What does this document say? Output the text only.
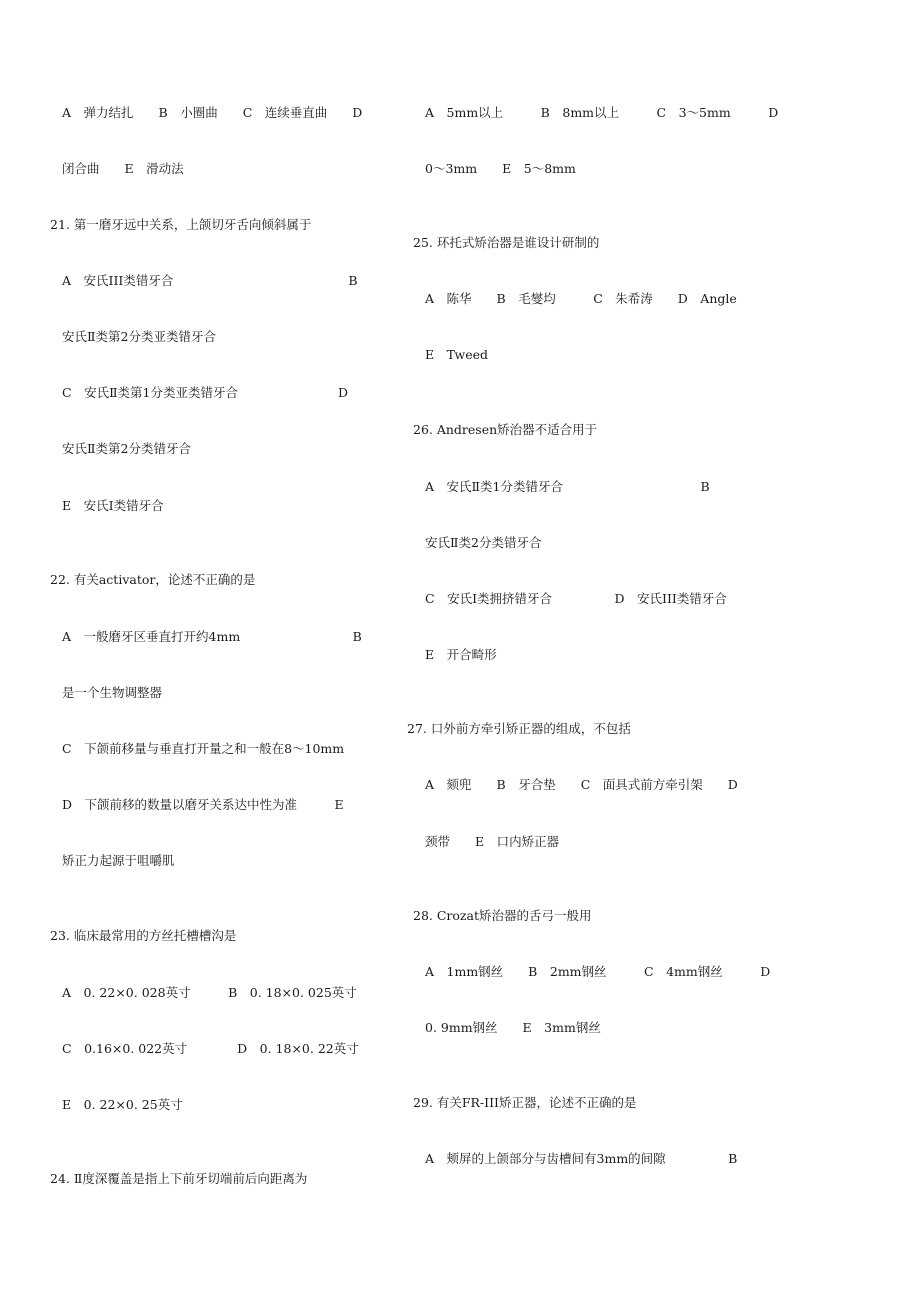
A　弹力结扎　　B　小圈曲　　C　连续垂直曲　　D
闭合曲　　E　滑动法
21. 第一磨牙远中关系，上颌切牙舌向倾斜属于
A　安氏III类错牙合　　　　　　　　　　　　　　B
安氏Ⅱ类第2分类亚类错牙合
C　安氏Ⅱ类第1分类亚类错牙合　　　　　　　　D
安氏Ⅱ类第2分类错牙合
E　安氏Ⅰ类错牙合
22. 有关activator，论述不正确的是
A　一般磨牙区垂直打开约4mm　　　　　　　　　B
是一个生物调整器
C　下颌前移量与垂直打开量之和一般在8～10mm
D　下颌前移的数量以磨牙关系达中性为准　　　E
矫正力起源于咀嚼肌
23. 临床最常用的方丝托槽槽沟是
A　0. 22×0. 028英寸　　　B　0. 18×0. 025英寸
C　0.16×0. 022英寸　　　　D　0. 18×0. 22英寸
E　0. 22×0. 25英寸
24. Ⅱ度深覆盖是指上下前牙切端前后向距离为
A　5mm以上　　　B　8mm以上　　　C　3～5mm　　　D
0～3mm　　E　5～8mm
25. 环托式矫治器是谁设计研制的
A　陈华　　B　毛燮均　　　C　朱希涛　　D　Angle
E　Tweed
26. Andresen矫治器不适合用于
A　安氏Ⅱ类1分类错牙合　　　　　　　　　　　B
安氏Ⅱ类2分类错牙合
C　安氏Ⅰ类拥挤错牙合　　　　　D　安氏III类错牙合
E　开合畸形
27. 口外前方牵引矫正器的组成，不包括
A　颏兜　　B　牙合垫　　C　面具式前方牵引架　　D
颈带　　E　口内矫正器
28. Crozat矫治器的舌弓一般用
A　1mm钢丝　　B　2mm钢丝　　　C　4mm钢丝　　　D
0. 9mm钢丝　　E　3mm钢丝
29. 有关FR-III矫正器，论述不正确的是
A　颊屏的上颌部分与齿槽间有3mm的间隙　　　　　B
